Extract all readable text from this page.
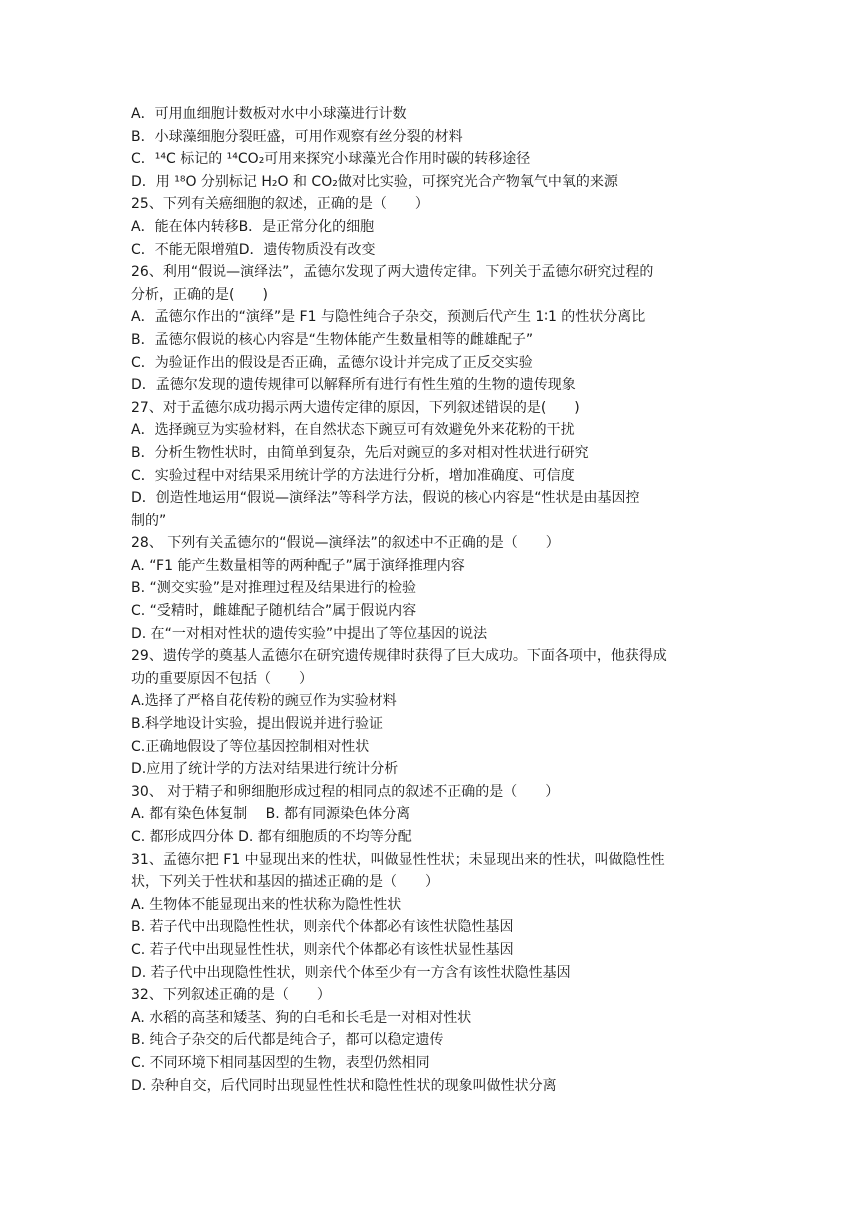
A．可用血细胞计数板对水中小球藻进行计数
B．小球藻细胞分裂旺盛，可用作观察有丝分裂的材料
C．¹⁴C 标记的 ¹⁴CO₂可用来探究小球藻光合作用时碳的转移途径
D．用 ¹⁸O 分别标记 H₂O 和 CO₂做对比实验，可探究光合产物氧气中氧的来源
25、下列有关癌细胞的叙述，正确的是（　　）
A．能在体内转移B．是正常分化的细胞
C．不能无限增殖D．遗传物质没有改变
26、利用“假说—演绎法”，孟德尔发现了两大遗传定律。下列关于孟德尔研究过程的
分析，正确的是(　　)
A．孟德尔作出的“演绎”是 F1 与隐性纯合子杂交，预测后代产生 1∶1 的性状分离比
B．孟德尔假说的核心内容是“生物体能产生数量相等的雌雄配子”
C．为验证作出的假设是否正确，孟德尔设计并完成了正反交实验
D．孟德尔发现的遗传规律可以解释所有进行有性生殖的生物的遗传现象
27、对于孟德尔成功揭示两大遗传定律的原因，下列叙述错误的是(　　)
A．选择豌豆为实验材料，在自然状态下豌豆可有效避免外来花粉的干扰
B．分析生物性状时，由简单到复杂，先后对豌豆的多对相对性状进行研究
C．实验过程中对结果采用统计学的方法进行分析，增加准确度、可信度
D．创造性地运用“假说—演绎法”等科学方法，假说的核心内容是“性状是由基因控
制的”
28、 下列有关孟德尔的“假说—演绎法”的叙述中不正确的是（　　）
A. “F1 能产生数量相等的两种配子”属于演绎推理内容
B. “测交实验”是对推理过程及结果进行的检验
C. “受精时，雌雄配子随机结合”属于假说内容
D. 在“一对相对性状的遗传实验”中提出了等位基因的说法
29、遗传学的奠基人孟德尔在研究遗传规律时获得了巨大成功。下面各项中，他获得成
功的重要原因不包括（　　）
A.选择了严格自花传粉的豌豆作为实验材料
B.科学地设计实验，提出假说并进行验证
C.正确地假设了等位基因控制相对性状
D.应用了统计学的方法对结果进行统计分析
30、 对于精子和卵细胞形成过程的相同点的叙述不正确的是（　　）
A. 都有染色体复制　 B. 都有同源染色体分离
C. 都形成四分体 D. 都有细胞质的不均等分配
31、孟德尔把 F1 中显现出来的性状，叫做显性性状；未显现出来的性状，叫做隐性性
状，下列关于性状和基因的描述正确的是（　　）
A. 生物体不能显现出来的性状称为隐性性状
B. 若子代中出现隐性性状，则亲代个体都必有该性状隐性基因
C. 若子代中出现显性性状，则亲代个体都必有该性状显性基因
D. 若子代中出现隐性性状，则亲代个体至少有一方含有该性状隐性基因
32、下列叙述正确的是（　　）
A. 水稻的高茎和矮茎、狗的白毛和长毛是一对相对性状
B. 纯合子杂交的后代都是纯合子，都可以稳定遗传
C. 不同环境下相同基因型的生物，表型仍然相同
D. 杂种自交，后代同时出现显性性状和隐性性状的现象叫做性状分离
